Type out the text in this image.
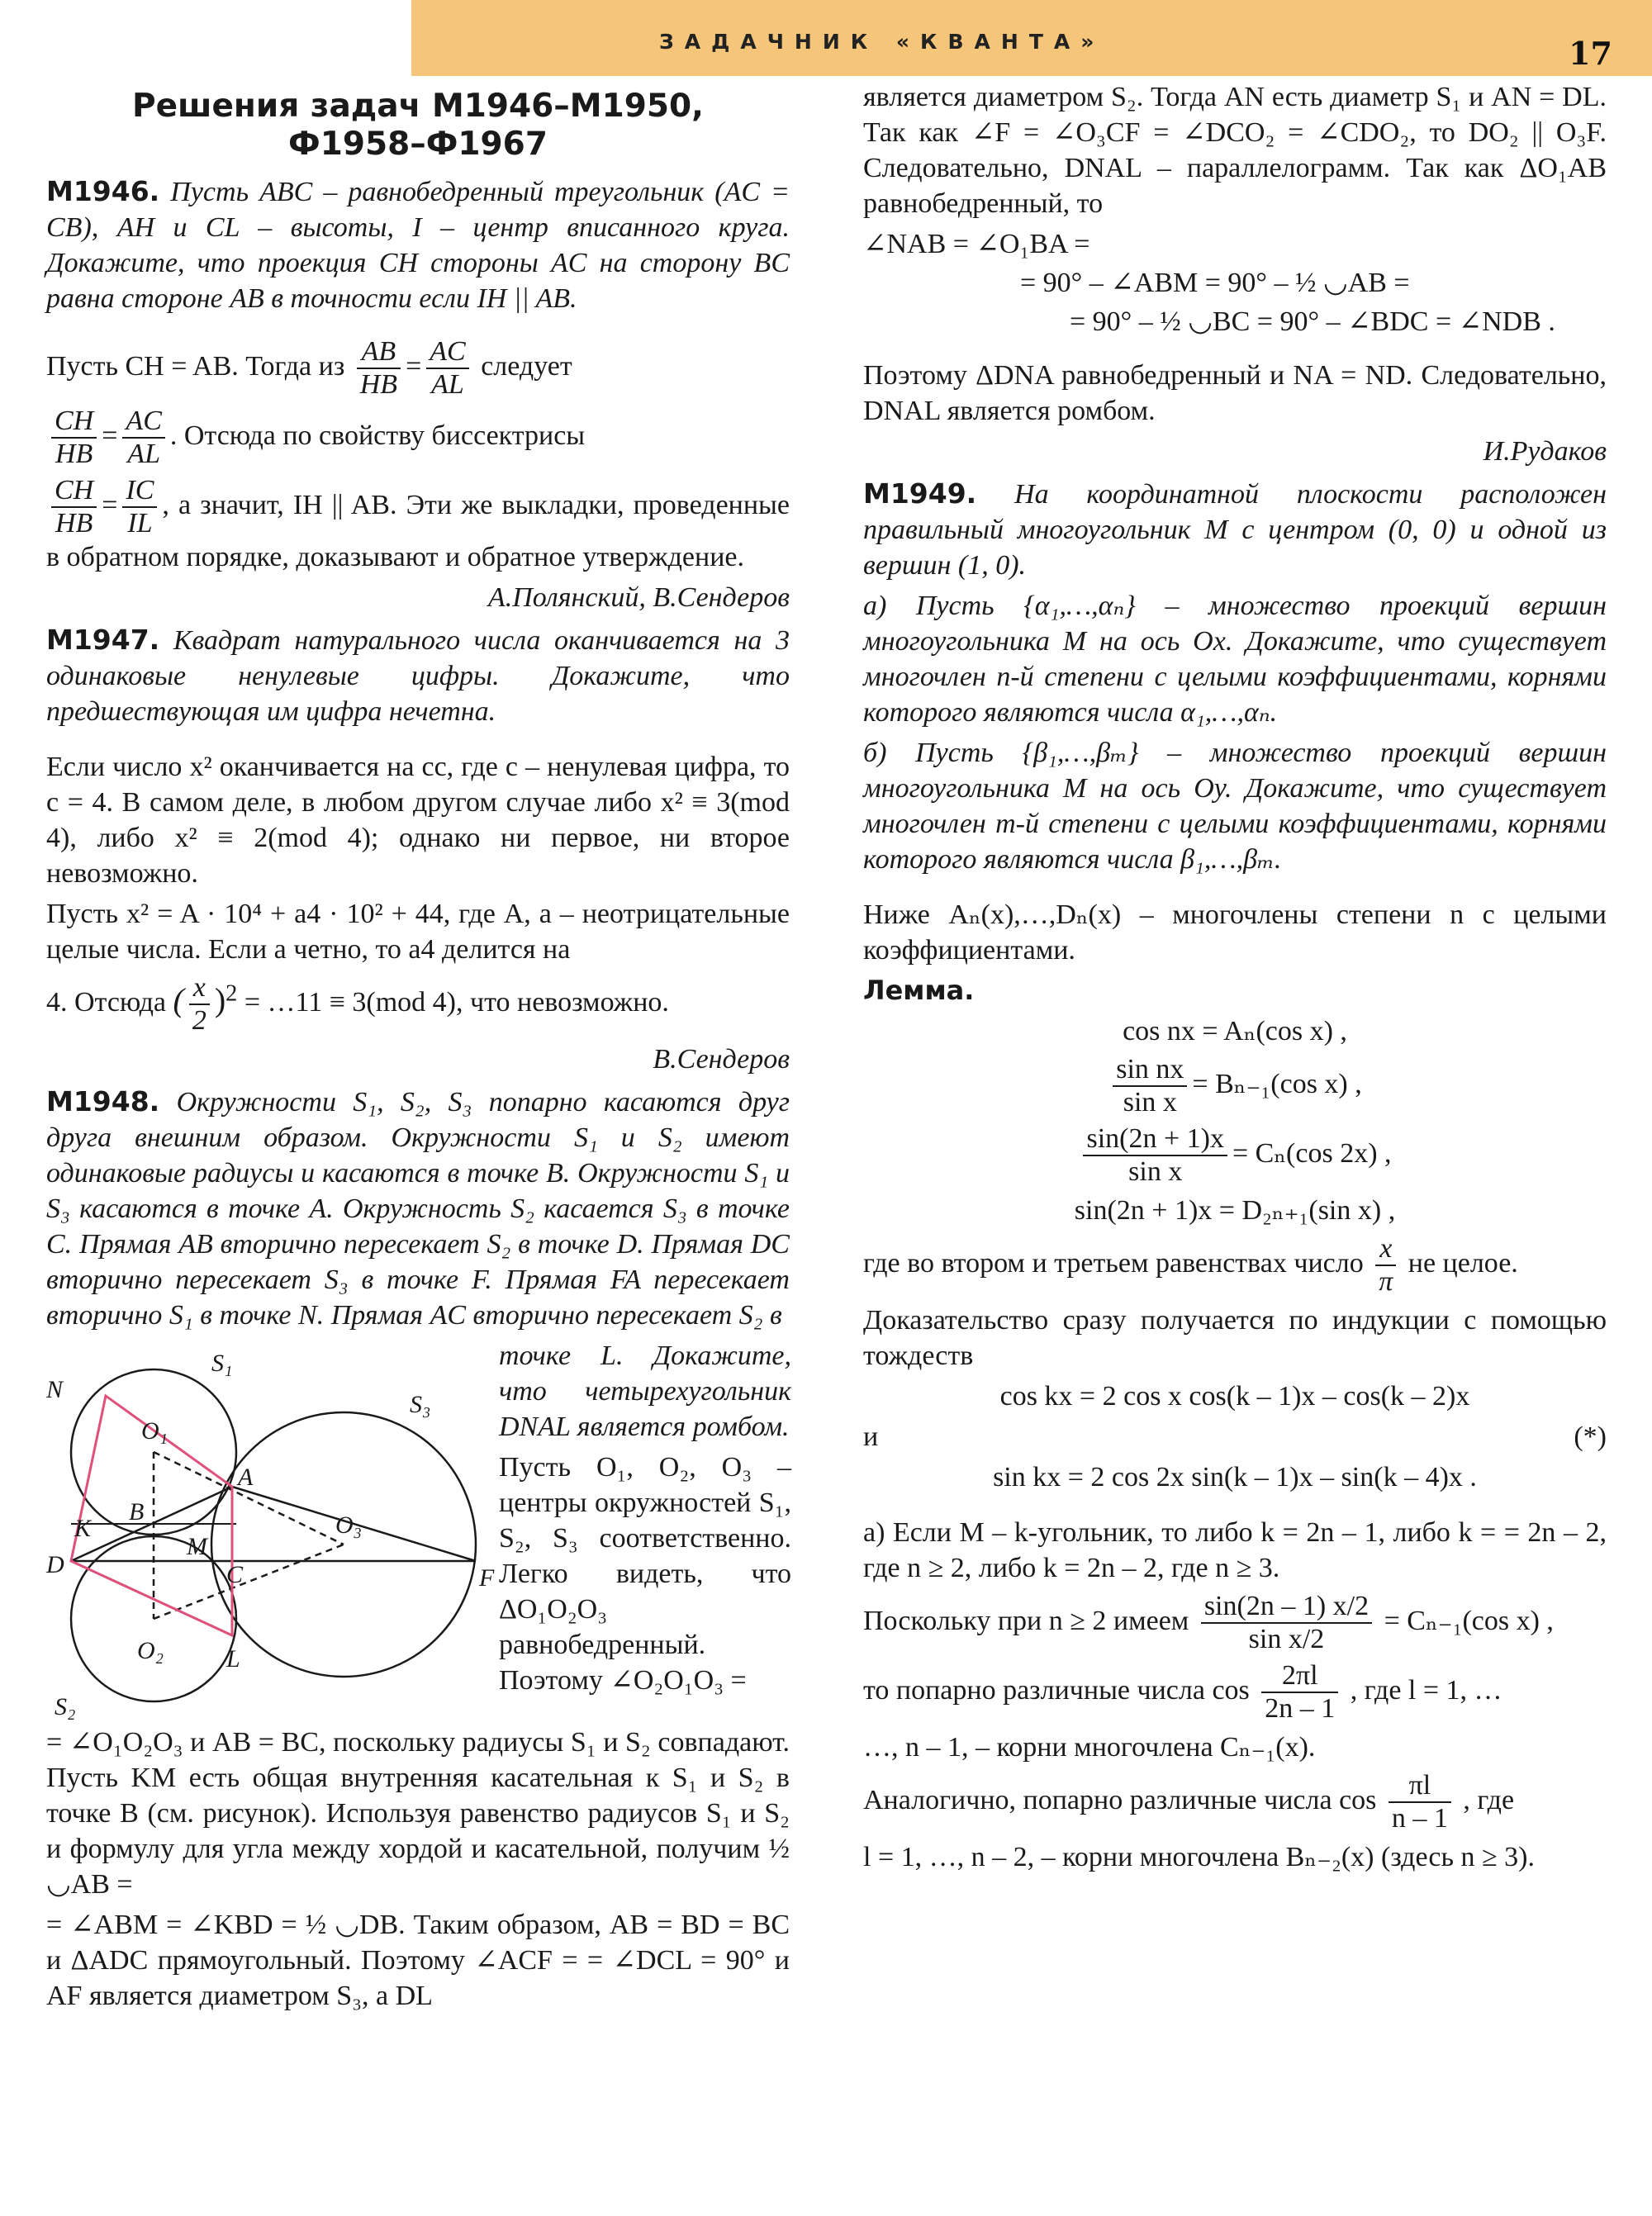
ЗАДАЧНИК «КВАНТА»	17
Решения задач М1946–М1950,
Ф1958–Ф1967
М1946. Пусть ABC – равнобедренный треугольник (AC = CB), AH и CL – высоты, I – центр вписанного круга. Докажите, что проекция CH стороны AC на сторону BC равна стороне AB в точности если IH || AB.
Пусть CH = AB. Тогда из $\frac{AB}{HB} = \frac{AC}{AL}$ следует
$\frac{CH}{HB} = \frac{AC}{AL}$ . Отсюда по свойству биссектрисы
$\frac{CH}{HB} = \frac{IC}{IL}$ , а значит, IH || AB. Эти же выкладки, проведенные в обратном порядке, доказывают и обратное утверждение.
А.Полянский, В.Сендеров
М1947. Квадрат натурального числа оканчивается на 3 одинаковые ненулевые цифры. Докажите, что предшествующая им цифра нечетна.
Если число x² оканчивается на cc, где c – ненулевая цифра, то c = 4. В самом деле, в любом другом случае либо x² ≡ 3(mod 4), либо x² ≡ 2(mod 4); однако ни первое, ни второе невозможно.
Пусть x² = A · 10⁴ + a4 · 10² + 44, где A, a – неотрицательные целые числа. Если a четно, то a4 делится на
4. Отсюда ( $\frac{x}{2} )^2$ = …11 ≡ 3(mod 4), что невозможно.
В.Сендеров
М1948. Окружности S₁, S₂, S₃ попарно касаются друг друга внешним образом. Окружности S₁ и S₂ имеют одинаковые радиусы и касаются в точке B. Окружности S₁ и S₃ касаются в точке A. Окружность S₂ касается S₃ в точке C. Прямая AB вторично пересекает S₂ в точке D. Прямая DC вторично пересекает S₃ в точке F. Прямая FA пересекает вторично S₁ в точке N. Прямая AC вторично пересекает S₂ в
S₁
S₂
S₃
N
O₁
O₂
O₃
A
B
C
D
K
M
L
F
точке L. Докажите, что четырехугольник DNAL является ромбом.
Пусть O₁, O₂, O₃ – центры окружностей S₁, S₂, S₃ соответственно. Легко видеть, что ΔO₁O₂O₃ равнобедренный. Поэтому ∠O₂O₁O₃ =
= ∠O₁O₂O₃ и AB = BC, поскольку радиусы S₁ и S₂ совпадают. Пусть KM есть общая внутренняя касательная к S₁ и S₂ в точке B (см. рисунок). Используя равенство радиусов S₁ и S₂ и формулу для угла между хордой и касательной, получим ½ ◡AB =
= ∠ABM = ∠KBD = ½ ◡DB. Таким образом, AB = BD = BC и ΔADC прямоугольный. Поэтому ∠ACF = = ∠DCL = 90° и AF является диаметром S₃, а DL
является диаметром S₂. Тогда AN есть диаметр S₁ и AN = DL. Так как ∠F = ∠O₃CF = ∠DCO₂ = ∠CDO₂, то DO₂ || O₃F. Следовательно, DNAL – параллелограмм. Так как ΔO₁AB равнобедренный, то
∠NAB = ∠O₁BA =
= 90° – ∠ABM = 90° – ½ ◡AB =
= 90° – ½ ◡BC = 90° – ∠BDC = ∠NDB .
Поэтому ΔDNA равнобедренный и NA = ND. Следовательно, DNAL является ромбом.
И.Рудаков
М1949. На координатной плоскости расположен правильный многоугольник M с центром (0, 0) и одной из вершин (1, 0).
а) Пусть {α₁,…,αₙ} – множество проекций вершин многоугольника M на ось Ox. Докажите, что существует многочлен n-й степени с целыми коэффициентами, корнями которого являются числа α₁,…,αₙ.
б) Пусть {β₁,…,βₘ} – множество проекций вершин многоугольника M на ось Oy. Докажите, что существует многочлен m-й степени с целыми коэффициентами, корнями которого являются числа β₁,…,βₘ.
Ниже Aₙ(x),…,Dₙ(x) – многочлены степени n с целыми коэффициентами.
Лемма.
cos nx = Aₙ(cos x) ,
$\frac{\text{sin nx}}{\text{sin x}} = B_{n-1}(\cos$ x) ,
$\frac{\sin(2n + 1)x}{\text{sin x}} = C_n(\cos$ 2x) ,
sin(2n + 1)x = D₂ₙ₊₁(sin x) ,
где во втором и третьем равенствах число $\frac{x}{\pi}$ не целое.
Доказательство сразу получается по индукции с помощью тождеств
cos kx = 2 cos x cos(k – 1)x – cos(k – 2)x
и	(*)
sin kx = 2 cos 2x sin(k – 1)x – sin(k – 4)x .
а) Если M – k-угольник, то либо k = 2n – 1, либо k = = 2n – 2, где n ≥ 2, либо k = 2n – 2, где n ≥ 3.
Поскольку при n ≥ 2 имеем $\frac{\sin(2n - 1) x/2}{\text{sin x/2}} = C_{n-1}(\cos$ x) ,
то попарно различные числа $\cos \frac{2\pi l}{2n - 1}$ , где l = 1, …
…, n – 1, – корни многочлена Cₙ₋₁(x).
Аналогично, попарно различные числа $\cos \frac{\pi l}{n - 1}$ , где
l = 1, …, n – 2, – корни многочлена Bₙ₋₂(x) (здесь n ≥ 3).
